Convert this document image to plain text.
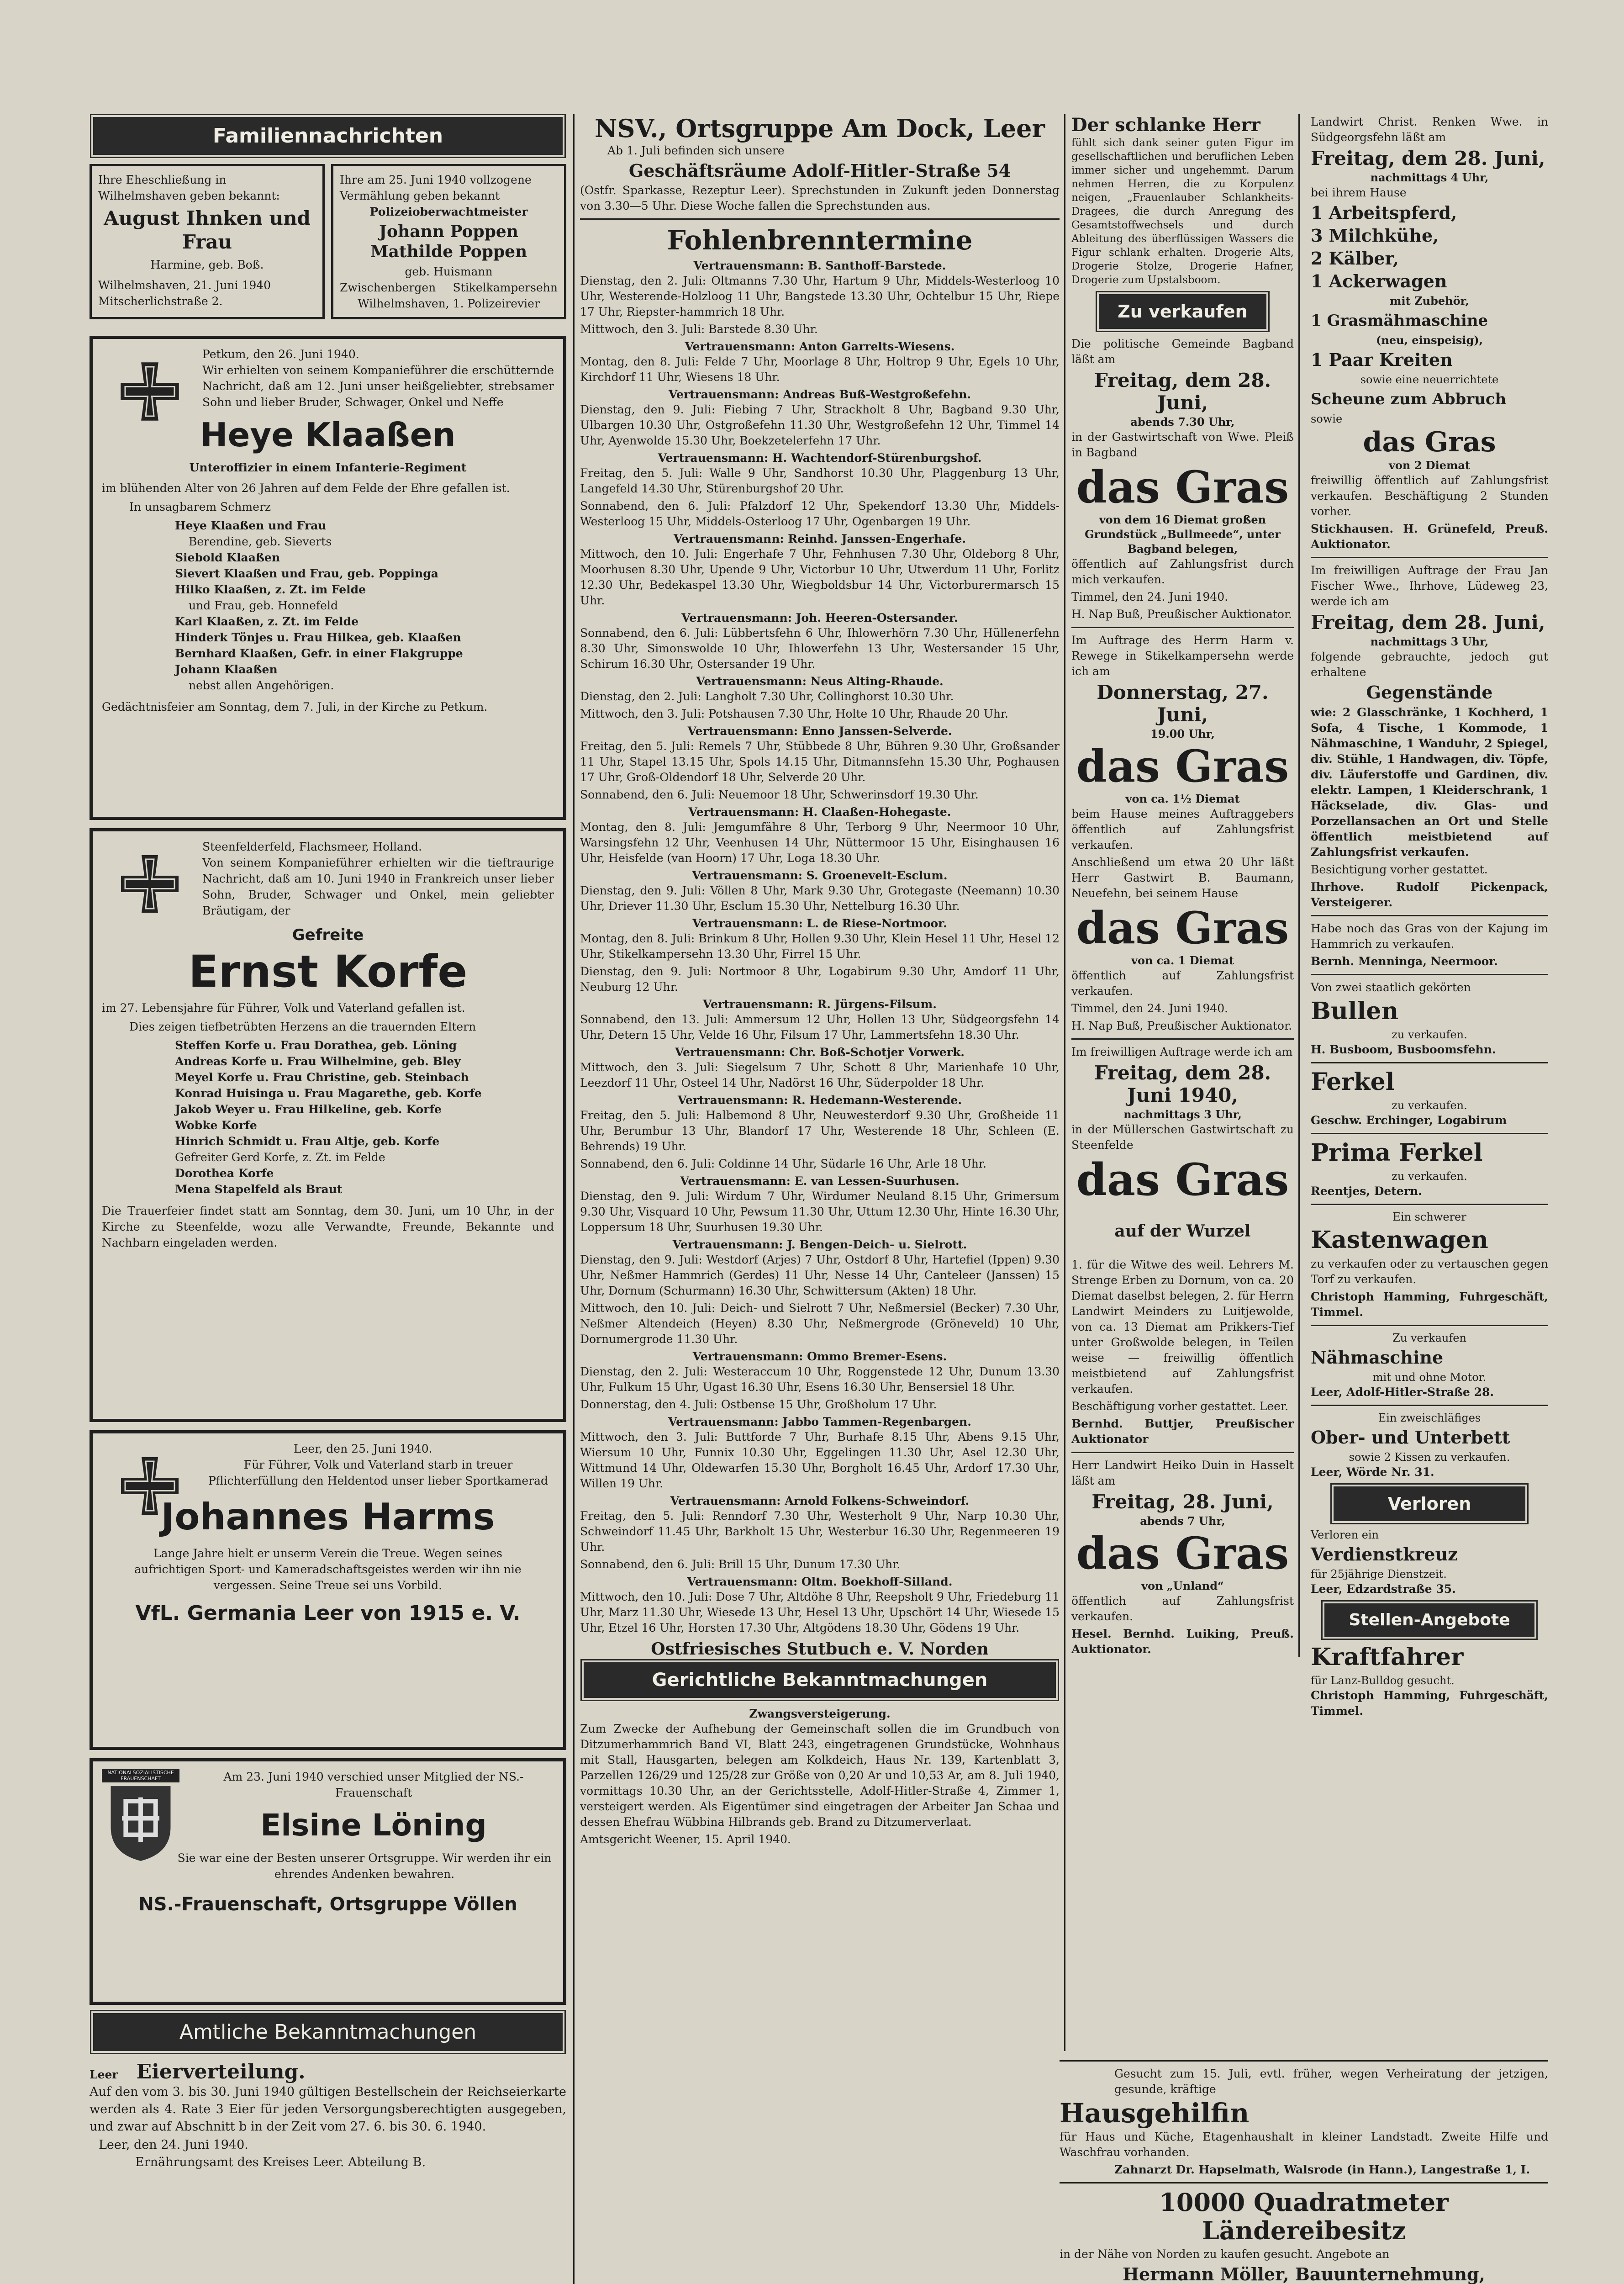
Familiennachrichten

Ihre Eheschließung in Wilhelmshaven geben bekannt:

August Ihnken und Frau

Harmine, geb. Boß.

Wilhelmshaven, 21. Juni 1940

Mitscherlichstraße 2.

Ihre am 25. Juni 1940 vollzogene Vermählung geben bekannt

Polizeioberwachtmeister

Johann Poppen Mathilde Poppen

geb. Huismann

Zwischenbergen Stikelkampersehn

Wilhelmshaven, 1. Polizeirevier

Petkum, den 26. Juni 1940.

Wir erhielten von seinem Kompanieführer die erschütternde Nachricht, daß am 12. Juni unser heißgeliebter, strebsamer Sohn und lieber Bruder, Schwager, Onkel und Neffe

Heye Klaaßen

Unteroffizier in einem Infanterie-Regiment

im blühenden Alter von 26 Jahren auf dem Felde der Ehre gefallen ist.

In unsagbarem Schmerz

Heye Klaaßen und Frau

Berendine, geb. Sieverts

Siebold Klaaßen

Sievert Klaaßen und Frau, geb. Poppinga

Hilko Klaaßen, z. Zt. im Felde

und Frau, geb. Honnefeld

Karl Klaaßen, z. Zt. im Felde

Hinderk Tönjes u. Frau Hilkea, geb. Klaaßen

Bernhard Klaaßen, Gefr. in einer Flakgruppe

Johann Klaaßen

nebst allen Angehörigen.

Gedächtnisfeier am Sonntag, dem 7. Juli, in der Kirche zu Petkum.

Steenfelderfeld, Flachsmeer, Holland.

Von seinem Kompanieführer erhielten wir die tieftraurige Nachricht, daß am 10. Juni 1940 in Frankreich unser lieber Sohn, Bruder, Schwager und Onkel, mein geliebter Bräutigam, der

Gefreite

Ernst Korfe

im 27. Lebensjahre für Führer, Volk und Vaterland gefallen ist.

Dies zeigen tiefbetrübten Herzens an die trauernden Eltern

Steffen Korfe u. Frau Dorathea, geb. Löning

Andreas Korfe u. Frau Wilhelmine, geb. Bley

Meyel Korfe u. Frau Christine, geb. Steinbach

Konrad Huisinga u. Frau Magarethe, geb. Korfe

Jakob Weyer u. Frau Hilkeline, geb. Korfe

Wobke Korfe

Hinrich Schmidt u. Frau Altje, geb. Korfe

Gefreiter Gerd Korfe, z. Zt. im Felde

Dorothea Korfe

Mena Stapelfeld als Braut

Die Trauerfeier findet statt am Sonntag, dem 30. Juni, um 10 Uhr, in der Kirche zu Steenfelde, wozu alle Verwandte, Freunde, Bekannte und Nachbarn eingeladen werden.

Leer, den 25. Juni 1940.

Für Führer, Volk und Vaterland starb in treuer Pflichterfüllung den Heldentod unser lieber Sportkamerad

Johannes Harms

Lange Jahre hielt er unserm Verein die Treue. Wegen seines aufrichtigen Sport- und Kameradschaftsgeistes werden wir ihn nie vergessen. Seine Treue sei uns Vorbild.

VfL. Germania Leer von 1915 e. V.

NATIONALSOZIALISTISCHE FRAUENSCHAFT	Am 23. Juni 1940 verschied unser Mitglied der NS.-Frauenschaft

Elsine Löning

Sie war eine der Besten unserer Ortsgruppe. Wir werden ihr ein ehrendes Andenken bewahren.

NS.-Frauenschaft, Ortsgruppe Völlen

Amtliche Bekanntmachungen
Leer Eierverteilung.

Auf den vom 3. bis 30. Juni 1940 gültigen Bestellschein der Reichseierkarte werden als 4. Rate 3 Eier für jeden Versorgungsberechtigten ausgegeben, und zwar auf Abschnitt b in der Zeit vom 27. 6. bis 30. 6. 1940.

Leer, den 24. Juni 1940.

Ernährungsamt des Kreises Leer. Abteilung B.

NSV., Ortsgruppe Am Dock, Leer

Ab 1. Juli befinden sich unsere

Geschäftsräume Adolf-Hitler-Straße 54

(Ostfr. Sparkasse, Rezeptur Leer). Sprechstunden in Zukunft jeden Donnerstag von 3.30—5 Uhr. Diese Woche fallen die Sprechstunden aus.

Fohlenbrenntermine

Vertrauensmann: B. Santhoff-Barstede.

Dienstag, den 2. Juli: Oltmanns 7.30 Uhr, Hartum 9 Uhr, Middels-Westerloog 10 Uhr, Westerende-Holzloog 11 Uhr, Bangstede 13.30 Uhr, Ochtelbur 15 Uhr, Riepe 17 Uhr, Riepster-hammrich 18 Uhr.

Mittwoch, den 3. Juli: Barstede 8.30 Uhr.

Vertrauensmann: Anton Garrelts-Wiesens.

Montag, den 8. Juli: Felde 7 Uhr, Moorlage 8 Uhr, Holtrop 9 Uhr, Egels 10 Uhr, Kirchdorf 11 Uhr, Wiesens 18 Uhr.

Vertrauensmann: Andreas Buß-Westgroßefehn.

Dienstag, den 9. Juli: Fiebing 7 Uhr, Strackholt 8 Uhr, Bagband 9.30 Uhr, Ulbargen 10.30 Uhr, Ostgroßefehn 11.30 Uhr, Westgroßefehn 12 Uhr, Timmel 14 Uhr, Ayenwolde 15.30 Uhr, Boekzetelerfehn 17 Uhr.

Vertrauensmann: H. Wachtendorf-Stürenburgshof.

Freitag, den 5. Juli: Walle 9 Uhr, Sandhorst 10.30 Uhr, Plaggenburg 13 Uhr, Langefeld 14.30 Uhr, Stürenburgshof 20 Uhr.

Sonnabend, den 6. Juli: Pfalzdorf 12 Uhr, Spekendorf 13.30 Uhr, Middels-Westerloog 15 Uhr, Middels-Osterloog 17 Uhr, Ogenbargen 19 Uhr.

Vertrauensmann: Reinhd. Janssen-Engerhafe.

Mittwoch, den 10. Juli: Engerhafe 7 Uhr, Fehnhusen 7.30 Uhr, Oldeborg 8 Uhr, Moorhusen 8.30 Uhr, Upende 9 Uhr, Victorbur 10 Uhr, Utwerdum 11 Uhr, Forlitz 12.30 Uhr, Bedekaspel 13.30 Uhr, Wiegboldsbur 14 Uhr, Victorburermarsch 15 Uhr.

Vertrauensmann: Joh. Heeren-Ostersander.

Sonnabend, den 6. Juli: Lübbertsfehn 6 Uhr, Ihlowerhörn 7.30 Uhr, Hüllenerfehn 8.30 Uhr, Simonswolde 10 Uhr, Ihlowerfehn 13 Uhr, Westersander 15 Uhr, Schirum 16.30 Uhr, Ostersander 19 Uhr.

Vertrauensmann: Neus Alting-Rhaude.

Dienstag, den 2. Juli: Langholt 7.30 Uhr, Collinghorst 10.30 Uhr.

Mittwoch, den 3. Juli: Potshausen 7.30 Uhr, Holte 10 Uhr, Rhaude 20 Uhr.

Vertrauensmann: Enno Janssen-Selverde.

Freitag, den 5. Juli: Remels 7 Uhr, Stübbede 8 Uhr, Bühren 9.30 Uhr, Großsander 11 Uhr, Stapel 13.15 Uhr, Spols 14.15 Uhr, Ditmannsfehn 15.30 Uhr, Poghausen 17 Uhr, Groß-Oldendorf 18 Uhr, Selverde 20 Uhr.

Sonnabend, den 6. Juli: Neuemoor 18 Uhr, Schwerinsdorf 19.30 Uhr.

Vertrauensmann: H. Claaßen-Hohegaste.

Montag, den 8. Juli: Jemgumfähre 8 Uhr, Terborg 9 Uhr, Neermoor 10 Uhr, Warsingsfehn 12 Uhr, Veenhusen 14 Uhr, Nüttermoor 15 Uhr, Eisinghausen 16 Uhr, Heisfelde (van Hoorn) 17 Uhr, Loga 18.30 Uhr.

Vertrauensmann: S. Groenevelt-Esclum.

Dienstag, den 9. Juli: Völlen 8 Uhr, Mark 9.30 Uhr, Grotegaste (Neemann) 10.30 Uhr, Driever 11.30 Uhr, Esclum 15.30 Uhr, Nettelburg 16.30 Uhr.

Vertrauensmann: L. de Riese-Nortmoor.

Montag, den 8. Juli: Brinkum 8 Uhr, Hollen 9.30 Uhr, Klein Hesel 11 Uhr, Hesel 12 Uhr, Stikelkampersehn 13.30 Uhr, Firrel 15 Uhr.

Dienstag, den 9. Juli: Nortmoor 8 Uhr, Logabirum 9.30 Uhr, Amdorf 11 Uhr, Neuburg 12 Uhr.

Vertrauensmann: R. Jürgens-Filsum.

Sonnabend, den 13. Juli: Ammersum 12 Uhr, Hollen 13 Uhr, Südgeorgsfehn 14 Uhr, Detern 15 Uhr, Velde 16 Uhr, Filsum 17 Uhr, Lammertsfehn 18.30 Uhr.

Vertrauensmann: Chr. Boß-Schotjer Vorwerk.

Mittwoch, den 3. Juli: Siegelsum 7 Uhr, Schott 8 Uhr, Marienhafe 10 Uhr, Leezdorf 11 Uhr, Osteel 14 Uhr, Nadörst 16 Uhr, Süderpolder 18 Uhr.

Vertrauensmann: R. Hedemann-Westerende.

Freitag, den 5. Juli: Halbemond 8 Uhr, Neuwesterdorf 9.30 Uhr, Großheide 11 Uhr, Berumbur 13 Uhr, Blandorf 17 Uhr, Westerende 18 Uhr, Schleen (E. Behrends) 19 Uhr.

Sonnabend, den 6. Juli: Coldinne 14 Uhr, Südarle 16 Uhr, Arle 18 Uhr.

Vertrauensmann: E. van Lessen-Suurhusen.

Dienstag, den 9. Juli: Wirdum 7 Uhr, Wirdumer Neuland 8.15 Uhr, Grimersum 9.30 Uhr, Visquard 10 Uhr, Pewsum 11.30 Uhr, Uttum 12.30 Uhr, Hinte 16.30 Uhr, Loppersum 18 Uhr, Suurhusen 19.30 Uhr.

Vertrauensmann: J. Bengen-Deich- u. Sielrott.

Dienstag, den 9. Juli: Westdorf (Arjes) 7 Uhr, Ostdorf 8 Uhr, Hartefiel (Ippen) 9.30 Uhr, Neßmer Hammrich (Gerdes) 11 Uhr, Nesse 14 Uhr, Canteleer (Janssen) 15 Uhr, Dornum (Schurmann) 16.30 Uhr, Schwittersum (Akten) 18 Uhr.

Mittwoch, den 10. Juli: Deich- und Sielrott 7 Uhr, Neßmersiel (Becker) 7.30 Uhr, Neßmer Altendeich (Heyen) 8.30 Uhr, Neßmergrode (Gröneveld) 10 Uhr, Dornumergrode 11.30 Uhr.

Vertrauensmann: Ommo Bremer-Esens.

Dienstag, den 2. Juli: Westeraccum 10 Uhr, Roggenstede 12 Uhr, Dunum 13.30 Uhr, Fulkum 15 Uhr, Ugast 16.30 Uhr, Esens 16.30 Uhr, Bensersiel 18 Uhr.

Donnerstag, den 4. Juli: Ostbense 15 Uhr, Großholum 17 Uhr.

Vertrauensmann: Jabbo Tammen-Regenbargen.

Mittwoch, den 3. Juli: Buttforde 7 Uhr, Burhafe 8.15 Uhr, Abens 9.15 Uhr, Wiersum 10 Uhr, Funnix 10.30 Uhr, Eggelingen 11.30 Uhr, Asel 12.30 Uhr, Wittmund 14 Uhr, Oldewarfen 15.30 Uhr, Borgholt 16.45 Uhr, Ardorf 17.30 Uhr, Willen 19 Uhr.

Vertrauensmann: Arnold Folkens-Schweindorf.

Freitag, den 5. Juli: Renndorf 7.30 Uhr, Westerholt 9 Uhr, Narp 10.30 Uhr, Schweindorf 11.45 Uhr, Barkholt 15 Uhr, Westerbur 16.30 Uhr, Regenmeeren 19 Uhr.

Sonnabend, den 6. Juli: Brill 15 Uhr, Dunum 17.30 Uhr.

Vertrauensmann: Oltm. Boekhoff-Silland.

Mittwoch, den 10. Juli: Dose 7 Uhr, Altdöhe 8 Uhr, Reepsholt 9 Uhr, Friedeburg 11 Uhr, Marz 11.30 Uhr, Wiesede 13 Uhr, Hesel 13 Uhr, Upschört 14 Uhr, Wiesede 15 Uhr, Etzel 16 Uhr, Horsten 17.30 Uhr, Altgödens 18.30 Uhr, Gödens 19 Uhr.

Ostfriesisches Stutbuch e. V. Norden

Gerichtliche Bekanntmachungen

Zwangsversteigerung.

Zum Zwecke der Aufhebung der Gemeinschaft sollen die im Grundbuch von Ditzumerhammrich Band VI, Blatt 243, eingetragenen Grundstücke, Wohnhaus mit Stall, Hausgarten, belegen am Kolkdeich, Haus Nr. 139, Kartenblatt 3, Parzellen 126/29 und 125/28 zur Größe von 0,20 Ar und 10,53 Ar, am 8. Juli 1940, vormittags 10.30 Uhr, an der Gerichtsstelle, Adolf-Hitler-Straße 4, Zimmer 1, versteigert werden. Als Eigentümer sind eingetragen der Arbeiter Jan Schaa und dessen Ehefrau Wübbina Hilbrands geb. Brand zu Ditzumerverlaat.

Amtsgericht Weener, 15. April 1940.

Der schlanke Herr

fühlt sich dank seiner guten Figur im gesellschaftlichen und beruflichen Leben immer sicher und ungehemmt. Darum nehmen Herren, die zu Korpulenz neigen, „Frauenlauber Schlankheits-Dragees, die durch Anregung des Gesamtstoffwechsels und durch Ableitung des überflüssigen Wassers die Figur schlank erhalten. Drogerie Alts, Drogerie Stolze, Drogerie Hafner, Drogerie zum Upstalsboom.

Zu verkaufen

Die politische Gemeinde Bagband läßt am

Freitag, dem 28. Juni,

abends 7.30 Uhr,

in der Gastwirtschaft von Wwe. Pleiß in Bagband

das Gras

von dem 16 Diemat großen Grundstück „Bullmeede“, unter Bagband belegen,

öffentlich auf Zahlungsfrist durch mich verkaufen.

Timmel, den 24. Juni 1940.

H. Nap Buß, Preußischer Auktionator.

Im Auftrage des Herrn Harm v. Rewege in Stikelkampersehn werde ich am

Donnerstag, 27. Juni,

19.00 Uhr,

das Gras

von ca. 1½ Diemat

beim Hause meines Auftraggebers öffentlich auf Zahlungsfrist verkaufen.

Anschließend um etwa 20 Uhr läßt Herr Gastwirt B. Baumann, Neuefehn, bei seinem Hause

das Gras

von ca. 1 Diemat

öffentlich auf Zahlungsfrist verkaufen.

Timmel, den 24. Juni 1940.

H. Nap Buß, Preußischer Auktionator.

Im freiwilligen Auftrage werde ich am

Freitag, dem 28. Juni 1940,

nachmittags 3 Uhr,

in der Müllerschen Gastwirtschaft zu Steenfelde

das Gras

auf der Wurzel

1. für die Witwe des weil. Lehrers M. Strenge Erben zu Dornum, von ca. 20 Diemat daselbst belegen, 2. für Herrn Landwirt Meinders zu Luitjewolde, von ca. 13 Diemat am Prikkers-Tief unter Großwolde belegen, in Teilen weise — freiwillig öffentlich meistbietend auf Zahlungsfrist verkaufen.

Beschäftigung vorher gestattet. Leer.

Bernhd. Buttjer, Preußischer Auktionator

Herr Landwirt Heiko Duin in Hasselt läßt am

Freitag, 28. Juni,

abends 7 Uhr,

das Gras

von „Unland“

öffentlich auf Zahlungsfrist verkaufen.

Hesel. Bernhd. Luiking, Preuß. Auktionator.

Landwirt Christ. Renken Wwe. in Südgeorgsfehn läßt am

Freitag, dem 28. Juni,

nachmittags 4 Uhr,

bei ihrem Hause

1 Arbeitspferd,

3 Milchkühe,

2 Kälber,

1 Ackerwagen

mit Zubehör,

1 Grasmähmaschine

(neu, einspeisig),

1 Paar Kreiten

sowie eine neuerrichtete

Scheune zum Abbruch

sowie

das Gras

von 2 Diemat

freiwillig öffentlich auf Zahlungsfrist verkaufen. Beschäftigung 2 Stunden vorher.

Stickhausen. H. Grünefeld, Preuß. Auktionator.

Im freiwilligen Auftrage der Frau Jan Fischer Wwe., Ihrhove, Lüdeweg 23, werde ich am

Freitag, dem 28. Juni,

nachmittags 3 Uhr,

folgende gebrauchte, jedoch gut erhaltene

Gegenstände

wie: 2 Glasschränke, 1 Kochherd, 1 Sofa, 4 Tische, 1 Kommode, 1 Nähmaschine, 1 Wanduhr, 2 Spiegel, div. Stühle, 1 Handwagen, div. Töpfe, div. Läuferstoffe und Gardinen, div. elektr. Lampen, 1 Kleiderschrank, 1 Häckselade, div. Glas- und Porzellansachen an Ort und Stelle öffentlich meistbietend auf Zahlungsfrist verkaufen.

Besichtigung vorher gestattet.

Ihrhove. Rudolf Pickenpack, Versteigerer.

Habe noch das Gras von der Kajung im Hammrich zu verkaufen.

Bernh. Menninga, Neermoor.

Von zwei staatlich gekörten

Bullen

zu verkaufen.

H. Busboom, Busboomsfehn.

Ferkel

zu verkaufen.

Geschw. Erchinger, Logabirum

Prima Ferkel

zu verkaufen.

Reentjes, Detern.

Ein schwerer

Kastenwagen

zu verkaufen oder zu vertauschen gegen Torf zu verkaufen.

Christoph Hamming, Fuhrgeschäft, Timmel.

Zu verkaufen

Nähmaschine

mit und ohne Motor.

Leer, Adolf-Hitler-Straße 28.

Ein zweischläfiges

Ober- und Unterbett

sowie 2 Kissen zu verkaufen.

Leer, Wörde Nr. 31.

Verloren

Verloren ein

Verdienstkreuz

für 25jährige Dienstzeit.

Leer, Edzardstraße 35.

Stellen-Angebote

Kraftfahrer

für Lanz-Bulldog gesucht.

Christoph Hamming, Fuhrgeschäft, Timmel.

Gesucht zum 15. Juli, evtl. früher, wegen Verheiratung der jetzigen, gesunde, kräftige

Hausgehilfin

für Haus und Küche, Etagenhaushalt in kleiner Landstadt. Zweite Hilfe und Waschfrau vorhanden.

Zahnarzt Dr. Hapselmath, Walsrode (in Hann.), Langestraße 1, I.

10000 Quadratmeter Ländereibesitz

in der Nähe von Norden zu kaufen gesucht. Angebote an

Hermann Möller, Bauunternehmung,
